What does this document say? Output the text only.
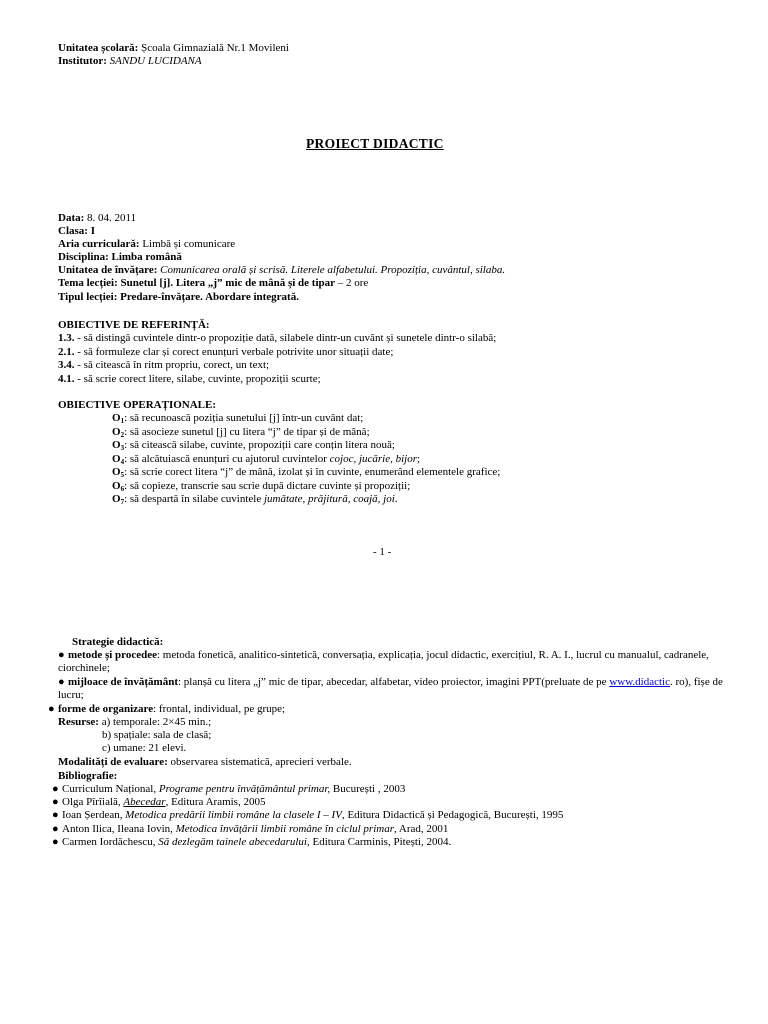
Unitatea școlară: Școala Gimnazială Nr.1 Movileni
Institutor: SANDU LUCIDANA
PROIECT DIDACTIC
Data: 8. 04. 2011
Clasa: I
Aria curriculară: Limbă și comunicare
Disciplina: Limba română
Unitatea de învățare: Comunicarea orală și scrisă. Literele alfabetului. Propoziția, cuvântul, silaba.
Tema lecției: Sunetul [j]. Litera „j” mic de mână și de tipar – 2 ore
Tipul lecției: Predare-învățare. Abordare integrată.
OBIECTIVE DE REFERINȚĂ:
1.3. - să distingă cuvintele dintr-o propoziție dată, silabele dintr-un cuvânt și sunetele dintr-o silabă;
2.1. - să formuleze clar și corect enunțuri verbale potrivite unor situații date;
3.4. - să citească în ritm propriu, corect, un text;
4.1. - să scrie corect litere, silabe, cuvinte, propoziții scurte;
OBIECTIVE OPERAȚIONALE:
$O_1$: să recunoască poziția sunetului [j] într-un cuvânt dat;
$O_2$: să asocieze sunetul [j] cu litera “j” de tipar și de mână;
$O_3$: să citească silabe, cuvinte, propoziții care conțin litera nouă;
$O_4$: să alcătuiască enunțuri cu ajutorul cuvintelor cojoc, jucărie, bijor;
$O_5$: să scrie corect litera “j” de mână, izolat și în cuvinte, enumerând elementele grafice;
$O_6$: să copieze, transcrie sau scrie după dictare cuvinte și propoziții;
$O_7$: să despartă în silabe cuvintele jumătate, prăjitură, coajă, joi.
- 1 -
Strategie didactică:
● metode și procedee: metoda fonetică, analitico-sintetică, conversația, explicația, jocul didactic, exercițiul, R. A. I., lucrul cu manualul, cadranele, ciorchinele;
● mijloace de învățământ: planșă cu litera „j” mic de tipar, abecedar, alfabetar, video proiector, imagini PPT(preluate de pe www.didactic. ro), fișe de lucru;
● forme de organizare: frontal, individual, pe grupe;
Resurse: a) temporale: 2×45 min.;
b) spațiale: sala de clasă;
c) umane: 21 elevi.
Modalități de evaluare: observarea sistematică, aprecieri verbale.
Bibliografie:
● Curriculum Național, Programe pentru învățământul primar, București , 2003
● Olga Pîrîială, Abecedar, Editura Aramis, 2005
● Ioan Șerdean, Metodica predării limbii române la clasele I – IV, Editura Didactică și Pedagogică, București, 1995
● Anton Ilica, Ileana Iovin, Metodica învățării limbii române în ciclul primar, Arad, 2001
● Carmen Iordăchescu, Să dezlegăm tainele abecedarului, Editura Carminis, Pitești, 2004.
